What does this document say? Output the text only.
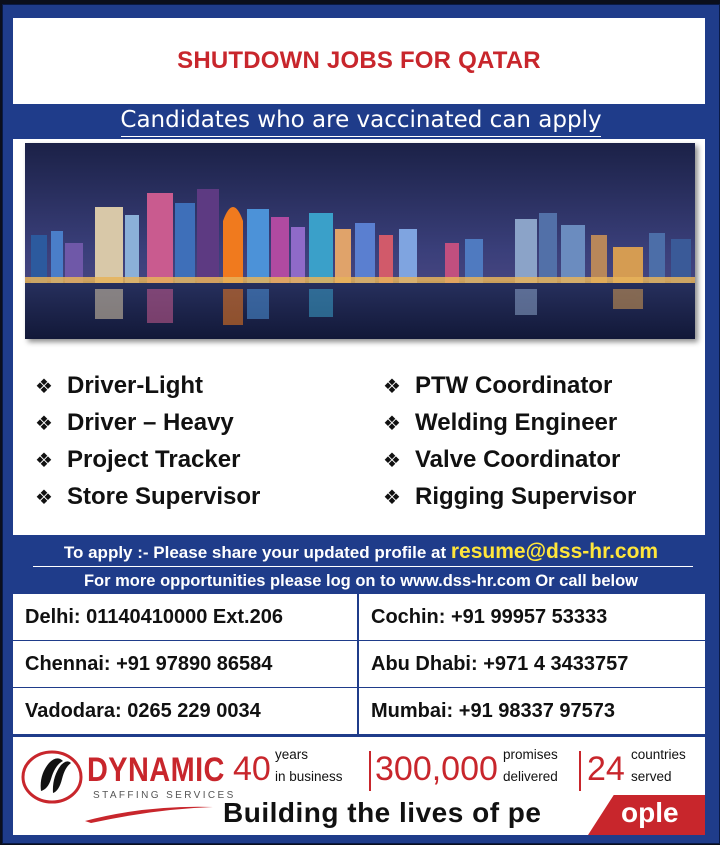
SHUTDOWN JOBS FOR QATAR
Candidates who are vaccinated can apply
❖ Driver-Light
❖ Driver – Heavy
❖ Project Tracker
❖ Store Supervisor
❖ PTW Coordinator
❖ Welding Engineer
❖ Valve Coordinator
❖ Rigging Supervisor
To apply :- Please share your updated profile at resume@dss-hr.com
For more opportunities please log on to www.dss-hr.com Or call below
Delhi: 01140410000 Ext.206	Cochin: +91 99957 53333
Chennai: +91 97890 86584	Abu Dhabi: +971 4 3433757
Vadodara: 0265 229 0034	Mumbai: +91 98337 97573
DYNAMIC
STAFFING SERVICES
40 years
in business 300,000 promises
delivered 24 countries
served
Building the lives of pe	ople
